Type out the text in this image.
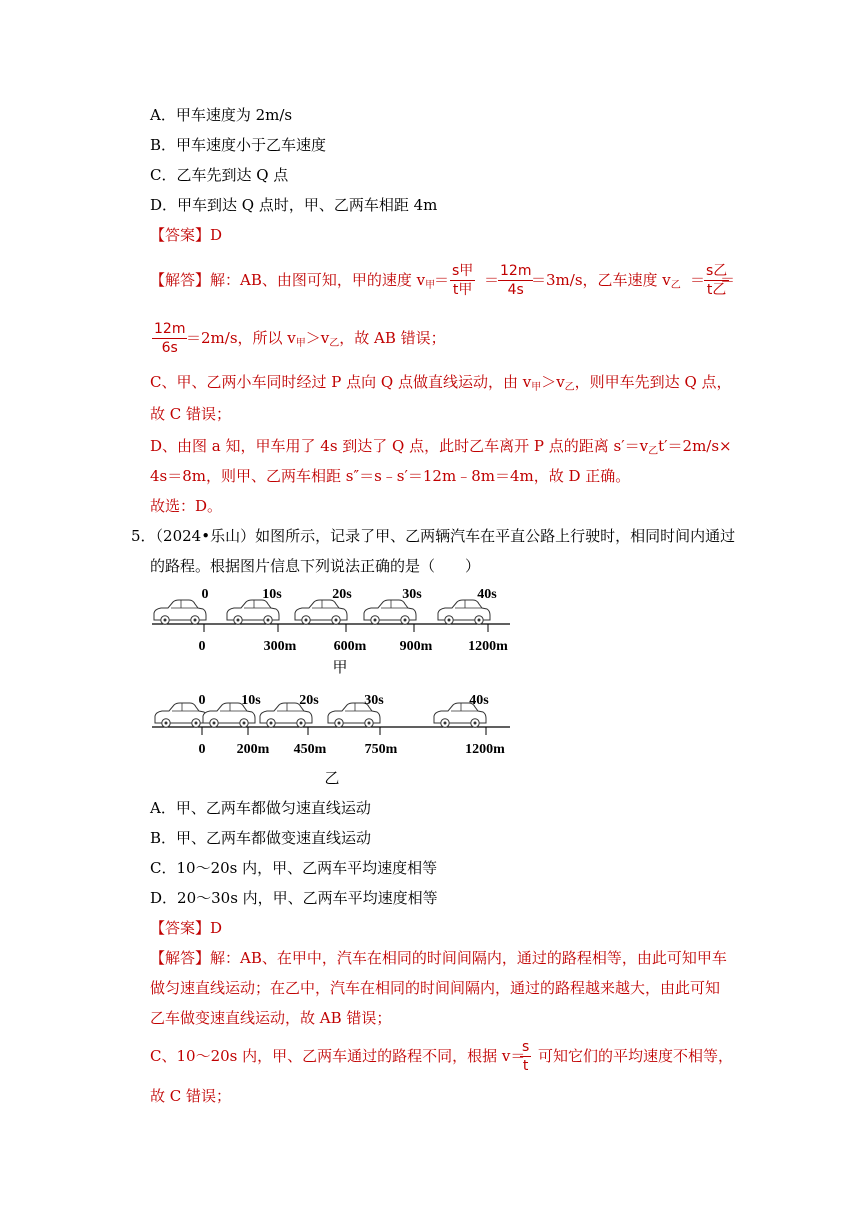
A．甲车速度为 2m/s
B．甲车速度小于乙车速度
C．乙车先到达 Q 点
D．甲车到达 Q 点时，甲、乙两车相距 4m
【答案】D
【解答】解：AB、由图可知，甲的速度 $v_甲$
＝ s甲
t甲
＝
$\frac{12m}{4s}$
＝3m/s，乙车速度 $v_乙 = s$乙
t乙
＝
$\frac{12m}{6s}$
＝2m/s，所以 $v_甲>v_乙$，故 AB 错误；
C、甲、乙两小车同时经过 P 点向 Q 点做直线运动，由 $v_甲>v_乙$，则甲车先到达 Q 点，
故 C 错误；
D、由图 a 知，甲车用了 4s 到达了 Q 点，此时乙车离开 P 点的距离 $s'=v_乙t'=2m/s\times$
4s＝8m，则甲、乙两车相距 s″＝s﹣s′＝12m﹣8m＝4m，故 D 正确。
故选：D。
5．（2024•乐山）如图所示，记录了甲、乙两辆汽车在平直公路上行驶时，相同时间内通过
的路程。根据图片信息下列说法正确的是（　　）
0	10s	20s	30s	40s
0	300m	600m 900m	1200m
甲
0	10s	20s	30s	40s
0 200m 450m	750m	1200m
乙
A．甲、乙两车都做匀速直线运动
B．甲、乙两车都做变速直线运动
C．10～20s 内，甲、乙两车平均速度相等
D．20～30s 内，甲、乙两车平均速度相等
【答案】D
【解答】解：AB、在甲中，汽车在相同的时间间隔内，通过的路程相等，由此可知甲车
做匀速直线运动；在乙中，汽车在相同的时间间隔内，通过的路程越来越大，由此可知
乙车做变速直线运动，故 AB 错误；
C、10～20s 内，甲、乙两车通过的路程不同，根据 v＝
$\frac{s}{t}$ 可知它们的平均速度不相等，
故 C 错误；
